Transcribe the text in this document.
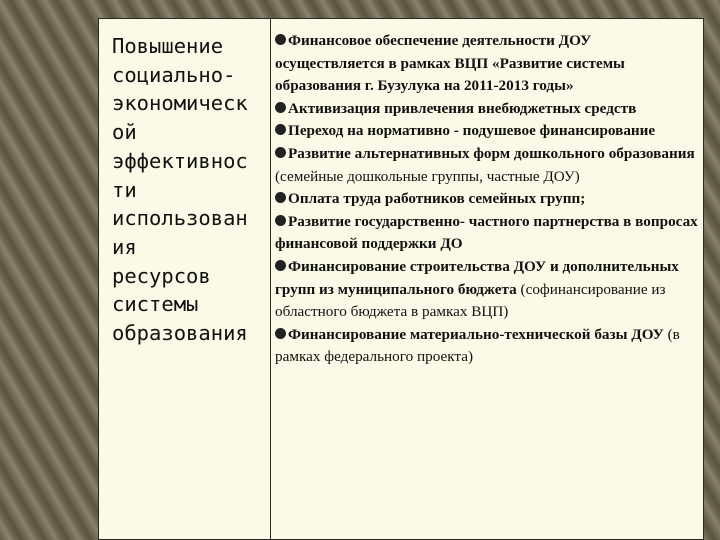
Повышение
социально-
экономическ
ой
эффективнос
ти
использован
ия
ресурсов
системы
образования

Финансовое обеспечение деятельности ДОУ осуществляется в рамках ВЦП «Развитие системы образования г. Бузулука на 2011-2013 годы»

Активизация привлечения внебюджетных средств

Переход на нормативно - подушевое финансирование

Развитие альтернативных форм дошкольного образования (семейные дошкольные группы, частные ДОУ)

Оплата труда работников семейных групп;

Развитие государственно- частного партнерства в вопросах финансовой поддержки ДО

Финансирование строительства ДОУ и дополнительных групп из муниципального бюджета (софинансирование из областного бюджета в рамках ВЦП)

Финансирование материально-технической базы ДОУ (в рамках федерального проекта)
